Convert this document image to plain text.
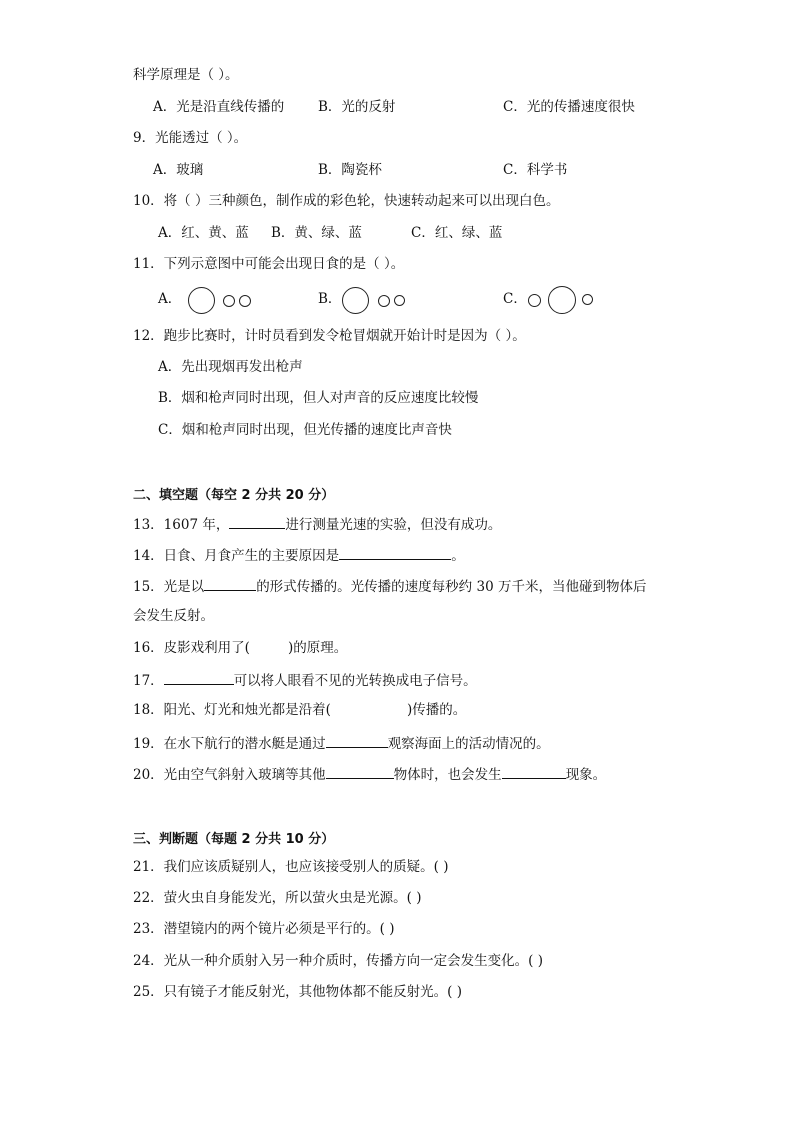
科学原理是（ ）。
A．光是沿直线传播的	B．光的反射	C．光的传播速度很快
9．光能透过（ ）。
A．玻璃	B．陶瓷杯	C．科学书
10．将（ ）三种颜色，制作成的彩色轮，快速转动起来可以出现白色。
A．红、黄、蓝 B．黄、绿、蓝	C．红、绿、蓝
11．下列示意图中可能会出现日食的是（ ）。
A．	B．	C．
12．跑步比赛时，计时员看到发令枪冒烟就开始计时是因为（ ）。
A．先出现烟再发出枪声
B．烟和枪声同时出现，但人对声音的反应速度比较慢
C．烟和枪声同时出现，但光传播的速度比声音快
二、填空题（每空 2 分共 20 分）
13．1607 年，	进行测量光速的实验，但没有成功。
14．日食、月食产生的主要原因是	。
15．光是以	的形式传播的。光传播的速度每秒约 30 万千米，当他碰到物体后
会发生反射。
16．皮影戏利用了(	)的原理。
17．	可以将人眼看不见的光转换成电子信号。
18．阳光、灯光和烛光都是沿着(	)传播的。
19．在水下航行的潜水艇是通过	观察海面上的活动情况的。
20．光由空气斜射入玻璃等其他	物体时，也会发生	现象。
三、判断题（每题 2 分共 10 分）
21．我们应该质疑别人，也应该接受别人的质疑。( )
22．萤火虫自身能发光，所以萤火虫是光源。( )
23．潜望镜内的两个镜片必须是平行的。( )
24．光从一种介质射入另一种介质时，传播方向一定会发生变化。( )
25．只有镜子才能反射光，其他物体都不能反射光。( )
